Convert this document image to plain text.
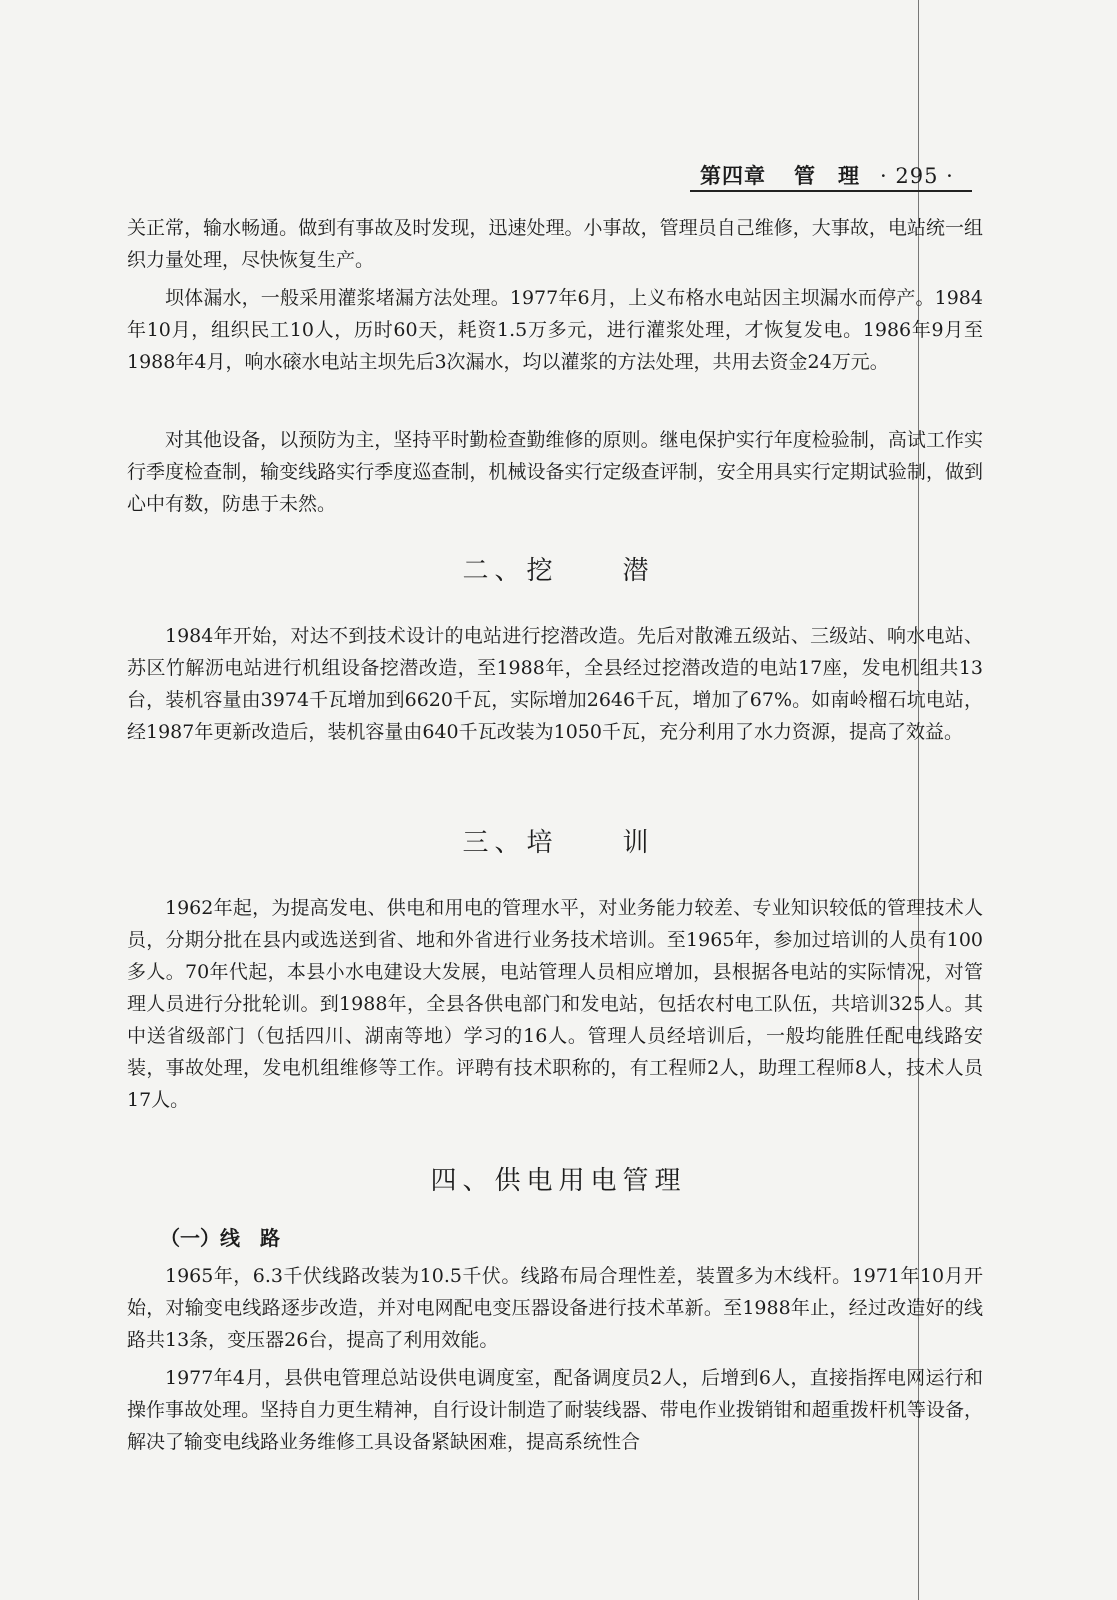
第四章 管　理 · 295 ·

关正常，输水畅通。做到有事故及时发现，迅速处理。小事故，管理员自己维修，大事故，电站统一组织力量处理，尽快恢复生产。

坝体漏水，一般采用灌浆堵漏方法处理。1977年6月，上义布格水电站因主坝漏水而停产。1984年10月，组织民工10人，历时60天，耗资1.5万多元，进行灌浆处理，才恢复发电。1986年9月至1988年4月，响水磙水电站主坝先后3次漏水，均以灌浆的方法处理，共用去资金24万元。

对其他设备，以预防为主，坚持平时勤检查勤维修的原则。继电保护实行年度检验制，高试工作实行季度检查制，输变线路实行季度巡查制，机械设备实行定级查评制，安全用具实行定期试验制，做到心中有数，防患于未然。

二、挖　　潜

1984年开始，对达不到技术设计的电站进行挖潜改造。先后对散滩五级站、三级站、响水电站、苏区竹解沥电站进行机组设备挖潜改造，至1988年，全县经过挖潜改造的电站17座，发电机组共13台，装机容量由3974千瓦增加到6620千瓦，实际增加2646千瓦，增加了67%。如南岭榴石坑电站，经1987年更新改造后，装机容量由640千瓦改装为1050千瓦，充分利用了水力资源，提高了效益。

三、培　　训

1962年起，为提高发电、供电和用电的管理水平，对业务能力较差、专业知识较低的管理技术人员，分期分批在县内或选送到省、地和外省进行业务技术培训。至1965年，参加过培训的人员有100多人。70年代起，本县小水电建设大发展，电站管理人员相应增加，县根据各电站的实际情况，对管理人员进行分批轮训。到1988年，全县各供电部门和发电站，包括农村电工队伍，共培训325人。其中送省级部门（包括四川、湖南等地）学习的16人。管理人员经培训后，一般均能胜任配电线路安装，事故处理，发电机组维修等工作。评聘有技术职称的，有工程师2人，助理工程师8人，技术人员17人。

四、供电用电管理

（一）线　路

1965年，6.3千伏线路改装为10.5千伏。线路布局合理性差，装置多为木线杆。1971年10月开始，对输变电线路逐步改造，并对电网配电变压器设备进行技术革新。至1988年止，经过改造好的线路共13条，变压器26台，提高了利用效能。

1977年4月，县供电管理总站设供电调度室，配备调度员2人，后增到6人，直接指挥电网运行和操作事故处理。坚持自力更生精神，自行设计制造了耐装线器、带电作业拨销钳和超重拨杆机等设备，解决了输变电线路业务维修工具设备紧缺困难，提高系统性合
